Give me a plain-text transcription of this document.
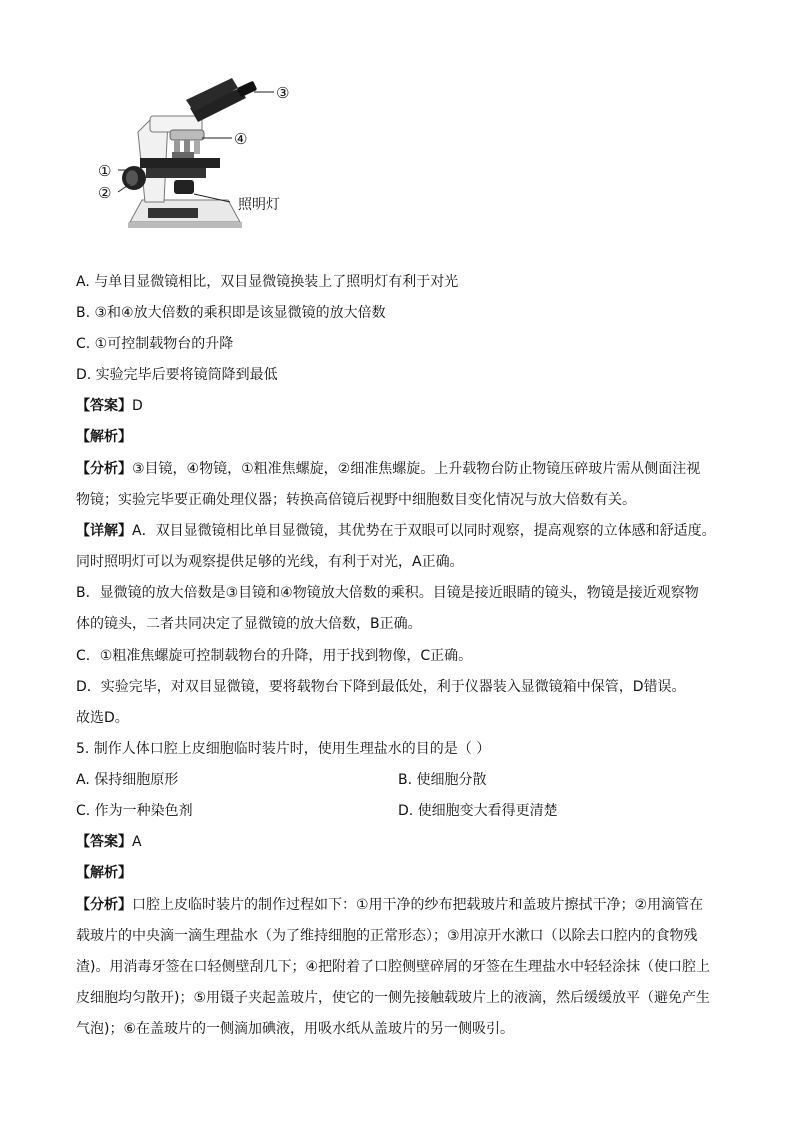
③
④
①
②
照明灯
A. 与单目显微镜相比，双目显微镜换装上了照明灯有利于对光
B. ③和④放大倍数的乘积即是该显微镜的放大倍数
C. ①可控制载物台的升降
D. 实验完毕后要将镜筒降到最低
【答案】D
【解析】
【分析】③目镜，④物镜，①粗准焦螺旋，②细准焦螺旋。上升载物台防止物镜压碎玻片需从侧面注视
物镜；实验完毕要正确处理仪器；转换高倍镜后视野中细胞数目变化情况与放大倍数有关。
【详解】A．双目显微镜相比单目显微镜，其优势在于双眼可以同时观察，提高观察的立体感和舒适度。
同时照明灯可以为观察提供足够的光线，有利于对光，A正确。
B．显微镜的放大倍数是③目镜和④物镜放大倍数的乘积。目镜是接近眼睛的镜头，物镜是接近观察物
体的镜头，二者共同决定了显微镜的放大倍数，B正确。
C．①粗准焦螺旋可控制载物台的升降，用于找到物像，C正确。
D．实验完毕，对双目显微镜，要将载物台下降到最低处，利于仪器装入显微镜箱中保管，D错误。
故选D。
5. 制作人体口腔上皮细胞临时装片时，使用生理盐水的目的是（ ）
A. 保持细胞原形	B. 使细胞分散
C. 作为一种染色剂	D. 使细胞变大看得更清楚
【答案】A
【解析】
【分析】口腔上皮临时装片的制作过程如下：①用干净的纱布把载玻片和盖玻片擦拭干净；②用滴管在
载玻片的中央滴一滴生理盐水（为了维持细胞的正常形态）；③用凉开水漱口（以除去口腔内的食物残
渣)。用消毒牙签在口轻侧壁刮几下；④把附着了口腔侧壁碎屑的牙签在生理盐水中轻轻涂抹（使口腔上
皮细胞均匀散开)；⑤用镊子夹起盖玻片，使它的一侧先接触载玻片上的液滴，然后缓缓放平（避免产生
气泡)；⑥在盖玻片的一侧滴加碘液，用吸水纸从盖玻片的另一侧吸引。
